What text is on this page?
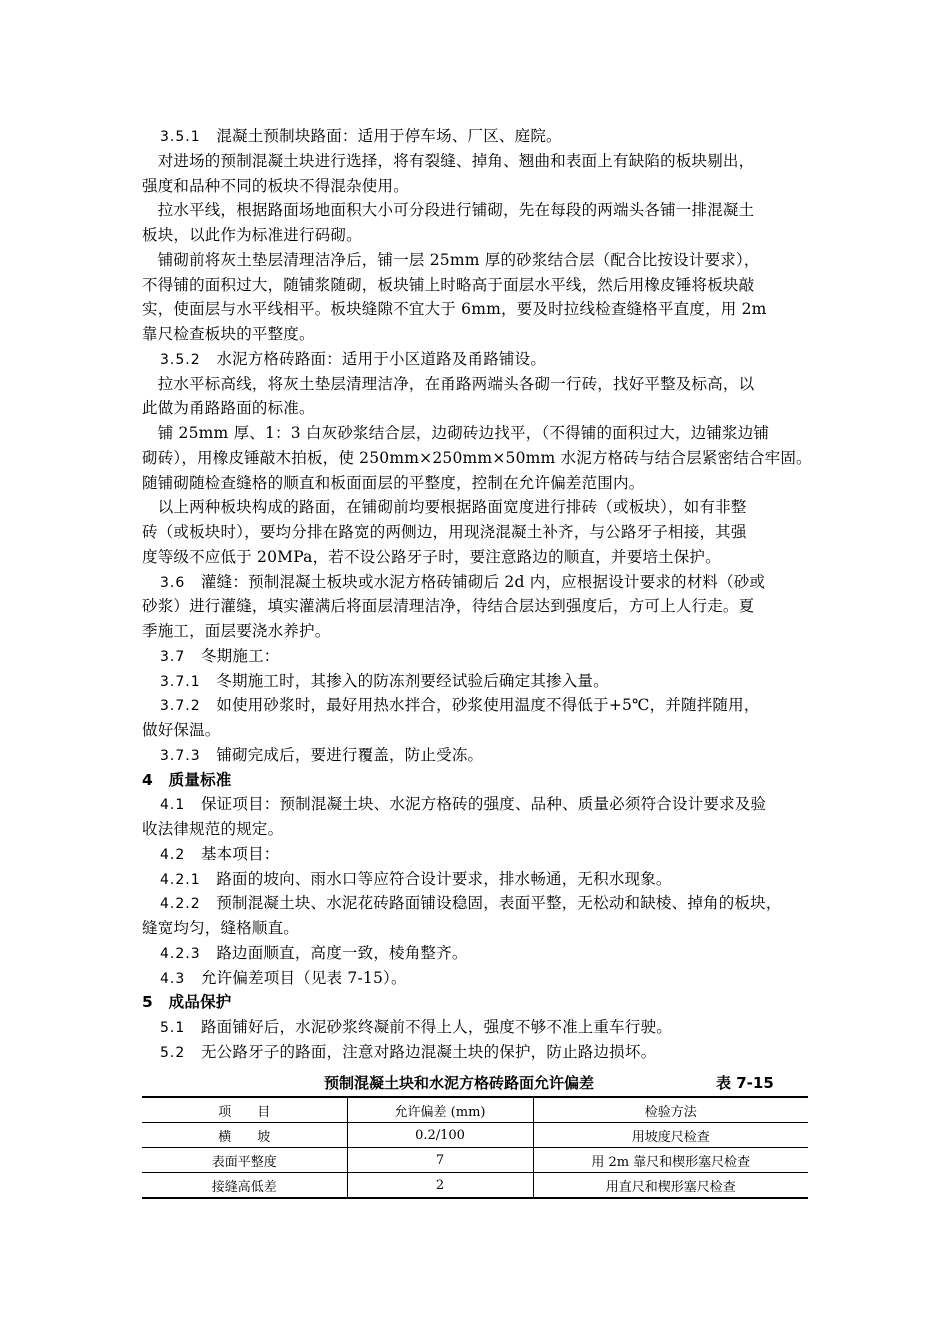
3.5.1　混凝土预制块路面：适用于停车场、厂区、庭院。
　对进场的预制混凝土块进行选择，将有裂缝、掉角、翘曲和表面上有缺陷的板块剔出，
强度和品种不同的板块不得混杂使用。
　拉水平线，根据路面场地面积大小可分段进行铺砌，先在每段的两端头各铺一排混凝土
板块，以此作为标准进行码砌。
　铺砌前将灰土垫层清理洁净后，铺一层 25mm 厚的砂浆结合层（配合比按设计要求），
不得铺的面积过大，随铺浆随砌，板块铺上时略高于面层水平线，然后用橡皮锤将板块敲
实，使面层与水平线相平。板块缝隙不宜大于 6mm，要及时拉线检查缝格平直度，用 2m
靠尺检查板块的平整度。
3.5.2　水泥方格砖路面：适用于小区道路及甬路铺设。
　拉水平标高线，将灰土垫层清理洁净，在甬路两端头各砌一行砖，找好平整及标高，以
此做为甬路路面的标准。
　铺 25mm 厚、1：3 白灰砂浆结合层，边砌砖边找平，（不得铺的面积过大，边铺浆边铺
砌砖），用橡皮锤敲木拍板，使 250mm×250mm×50mm 水泥方格砖与结合层紧密结合牢固。
随铺砌随检查缝格的顺直和板面面层的平整度，控制在允许偏差范围内。
　以上两种板块构成的路面，在铺砌前均要根据路面宽度进行排砖（或板块），如有非整
砖（或板块时），要均分排在路宽的两侧边，用现浇混凝土补齐，与公路牙子相接，其强
度等级不应低于 20MPa，若不设公路牙子时，要注意路边的顺直，并要培土保护。
3.6　灌缝：预制混凝土板块或水泥方格砖铺砌后 2d 内，应根据设计要求的材料（砂或
砂浆）进行灌缝，填实灌满后将面层清理洁净，待结合层达到强度后，方可上人行走。夏
季施工，面层要浇水养护。
3.7　冬期施工：
3.7.1　冬期施工时，其掺入的防冻剂要经试验后确定其掺入量。
3.7.2　如使用砂浆时，最好用热水拌合，砂浆使用温度不得低于+5℃，并随拌随用，
做好保温。
3.7.3　铺砌完成后，要进行覆盖，防止受冻。
4　质量标准
4.1　保证项目：预制混凝土块、水泥方格砖的强度、品种、质量必须符合设计要求及验
收法律规范的规定。
4.2　基本项目：
4.2.1　路面的坡向、雨水口等应符合设计要求，排水畅通，无积水现象。
4.2.2　预制混凝土块、水泥花砖路面铺设稳固，表面平整，无松动和缺棱、掉角的板块，
缝宽均匀，缝格顺直。
4.2.3　路边面顺直，高度一致，棱角整齐。
4.3　允许偏差项目（见表 7-15）。
5　成品保护
5.1　路面铺好后，水泥砂浆终凝前不得上人，强度不够不准上重车行驶。
5.2　无公路牙子的路面，注意对路边混凝土块的保护，防止路边损坏。
预制混凝土块和水泥方格砖路面允许偏差	表 7-15
项　　目	允许偏差 (mm)	检验方法
横　　坡	0.2/100	用坡度尺检查
表面平整度	7	用 2m 靠尺和楔形塞尺检查
接缝高低差	2	用直尺和楔形塞尺检查
